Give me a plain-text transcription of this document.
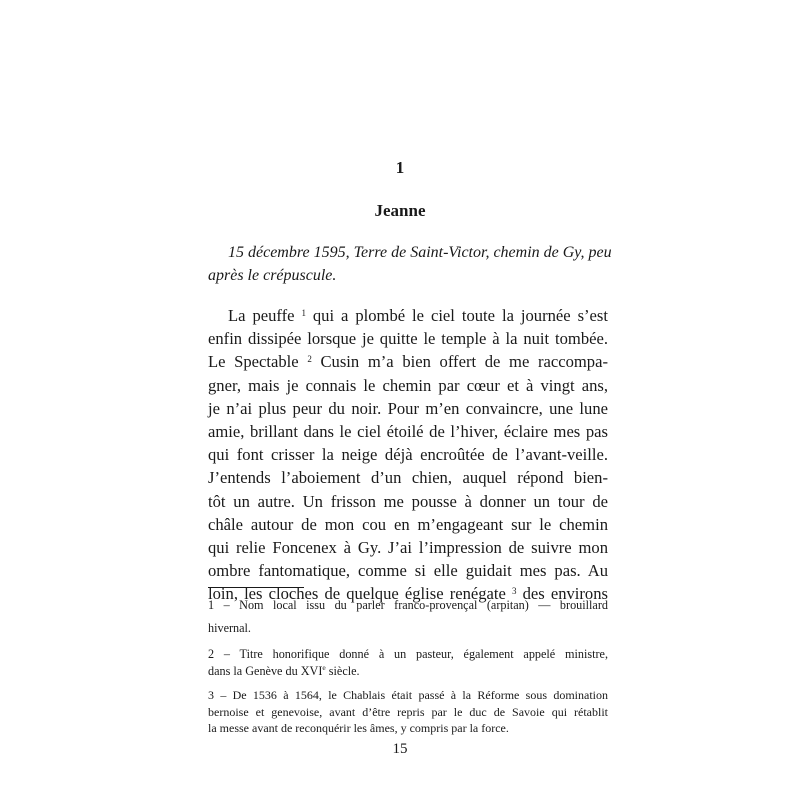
1
Jeanne
15 décembre 1595, Terre de Saint-Victor, chemin de Gy, peu
après le crépuscule.
La peuffe $^1$ qui a plombé le ciel toute la journée s’est
enfin dissipée lorsque je quitte le temple à la nuit tombée.
Le Spectable $^2$ Cusin m’a bien offert de me raccompa-
gner, mais je connais le chemin par cœur et à vingt ans,
je n’ai plus peur du noir. Pour m’en convaincre, une lune
amie, brillant dans le ciel étoilé de l’hiver, éclaire mes pas
qui font crisser la neige déjà encroûtée de l’avant-veille.
J’entends l’aboiement d’un chien, auquel répond bien-
tôt un autre. Un frisson me pousse à donner un tour de
châle autour de mon cou en m’engageant sur le chemin
qui relie Foncenex à Gy. J’ai l’impression de suivre mon
ombre fantomatique, comme si elle guidait mes pas. Au
loin, les cloches de quelque église renégate $^3$ des environs
1 – Nom local issu du parler franco-provençal (arpitan) — brouillard
hivernal.
2 – Titre honorifique donné à un pasteur, également appelé ministre,
dans la Genève du XVIe siècle.
3 – De 1536 à 1564, le Chablais était passé à la Réforme sous domination
bernoise et genevoise, avant d’être repris par le duc de Savoie qui rétablit
la messe avant de reconquérir les âmes, y compris par la force.
15
